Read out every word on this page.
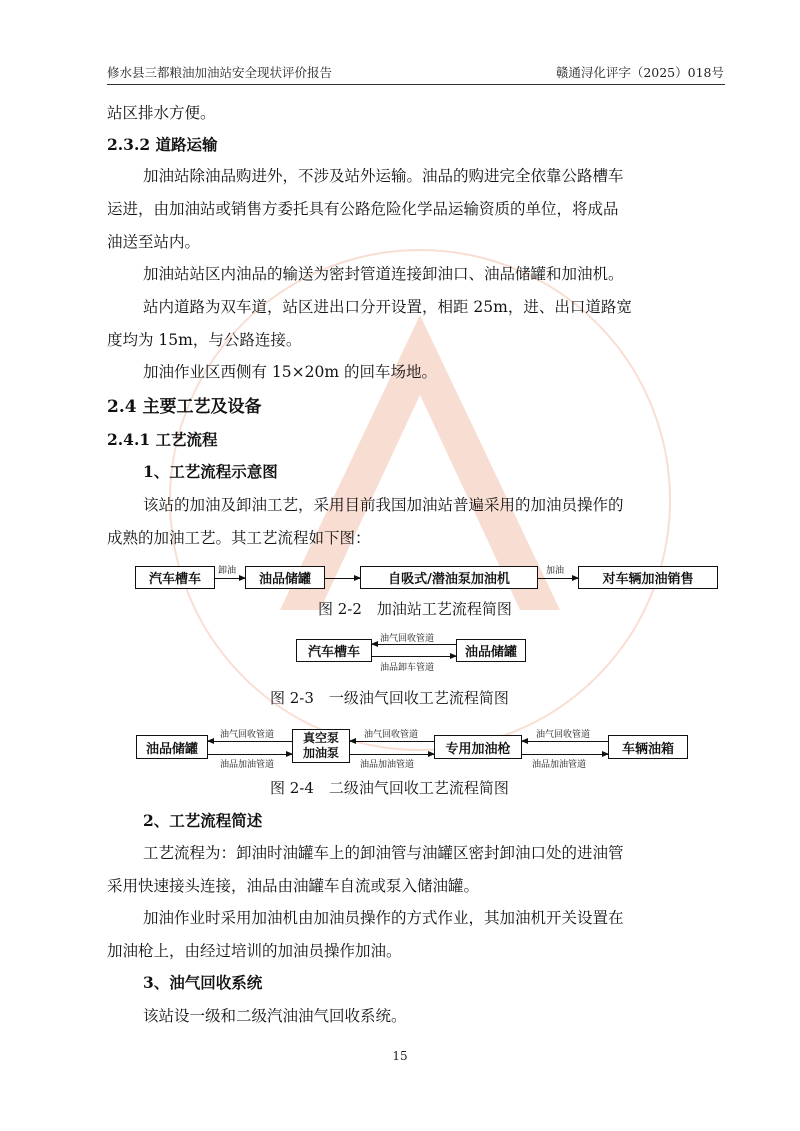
修水县三都粮油加油站安全现状评价报告	赣通浔化评字（2025）018号
站区排水方便。
2.3.2 道路运输
加油站除油品购进外，不涉及站外运输。油品的购进完全依靠公路槽车
运进，由加油站或销售方委托具有公路危险化学品运输资质的单位，将成品
油送至站内。
加油站站区内油品的输送为密封管道连接卸油口、油品储罐和加油机。
站内道路为双车道，站区进出口分开设置，相距 25m，进、出口道路宽
度均为 15m，与公路连接。
加油作业区西侧有 15×20m 的回车场地。
2.4 主要工艺及设备
2.4.1 工艺流程
1、工艺流程示意图
该站的加油及卸油工艺，采用目前我国加油站普遍采用的加油员操作的
成熟的加油工艺。其工艺流程如下图：
汽车槽车
卸油
油品储罐	自吸式/潜油泵加油机
加油
对车辆加油销售
图 2-2　加油站工艺流程简图
汽车槽车
油气回收管道
油品卸车管道
油品储罐
图 2-3　一级油气回收工艺流程简图
油品储罐
油气回收管道
油品加油管道
真空泵
加油泵
油气回收管道
油品加油管道
专用加油枪
油气回收管道
油品加油管道
车辆油箱
图 2-4　二级油气回收工艺流程简图
2、工艺流程简述
工艺流程为：卸油时油罐车上的卸油管与油罐区密封卸油口处的进油管
采用快速接头连接，油品由油罐车自流或泵入储油罐。
加油作业时采用加油机由加油员操作的方式作业，其加油机开关设置在
加油枪上，由经过培训的加油员操作加油。
3、油气回收系统
该站设一级和二级汽油油气回收系统。
15
